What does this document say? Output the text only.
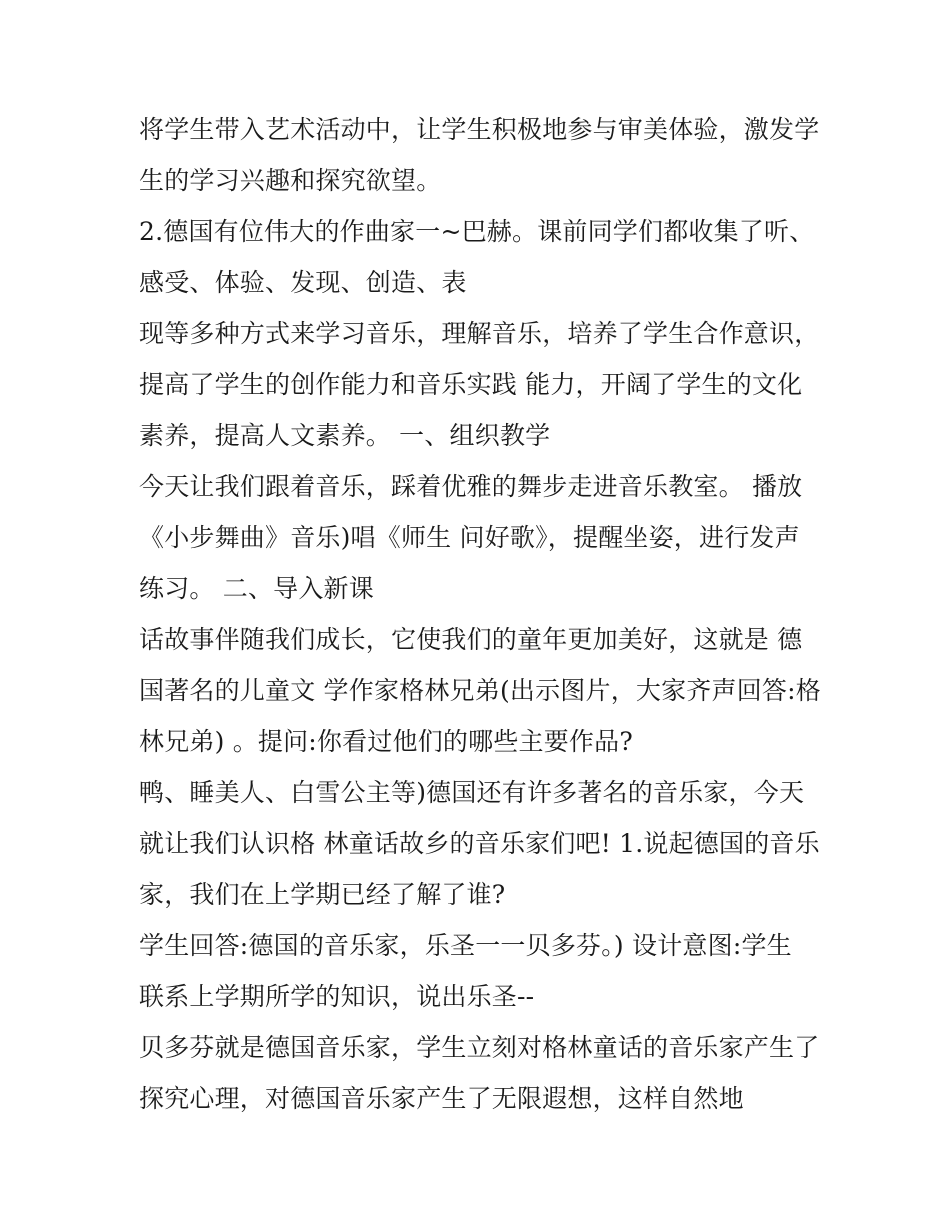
将学生带入艺术活动中，让学生积极地参与审美体验，激发学
生的学习兴趣和探究欲望。
2.德国有位伟大的作曲家一~巴赫。课前同学们都收集了听、
感受、体验、发现、创造、表
现等多种方式来学习音乐，理解音乐，培养了学生合作意识，
提高了学生的创作能力和音乐实践 能力，开阔了学生的文化
素养，提高人文素养。 一、组织教学
今天让我们跟着音乐，踩着优雅的舞步走进音乐教室。 播放
《小步舞曲》音乐)唱《师生 问好歌》，提醒坐姿，进行发声
练习。 二、导入新课
话故事伴随我们成长，它使我们的童年更加美好，这就是 德
国著名的儿童文 学作家格林兄弟(出示图片，大家齐声回答:格
林兄弟) 。提问:你看过他们的哪些主要作品?
鸭、睡美人、白雪公主等)德国还有许多著名的音乐家，今天
就让我们认识格 林童话故乡的音乐家们吧! 1.说起德国的音乐
家，我们在上学期已经了解了谁?
学生回答:德国的音乐家，乐圣一一贝多芬。) 设计意图:学生
联系上学期所学的知识，说出乐圣--
贝多芬就是德国音乐家，学生立刻对格林童话的音乐家产生了
探究心理，对德国音乐家产生了无限遐想，这样自然地
